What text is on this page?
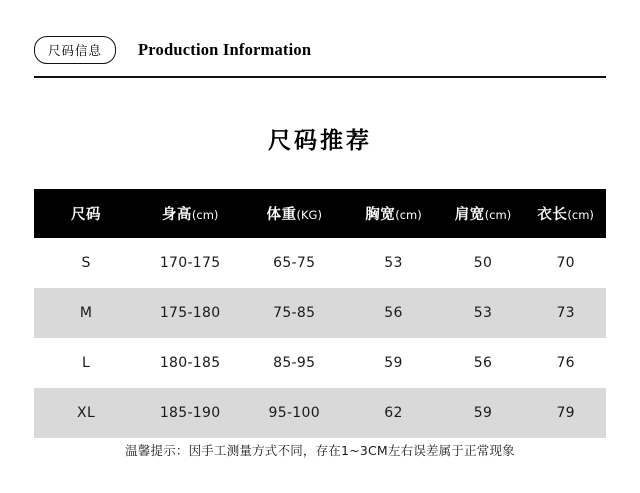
尺码信息	Production Information
尺码推荐
尺码	身高(cm)	体重(KG)	胸宽(cm)	肩宽(cm)	衣长(cm)
S	170-175	65-75	53	50	70
M	175-180	75-85	56	53	73
L	180-185	85-95	59	56	76
XL	185-190	95-100	62	59	79
温馨提示：因手工测量方式不同，存在1~3CM左右误差属于正常现象
